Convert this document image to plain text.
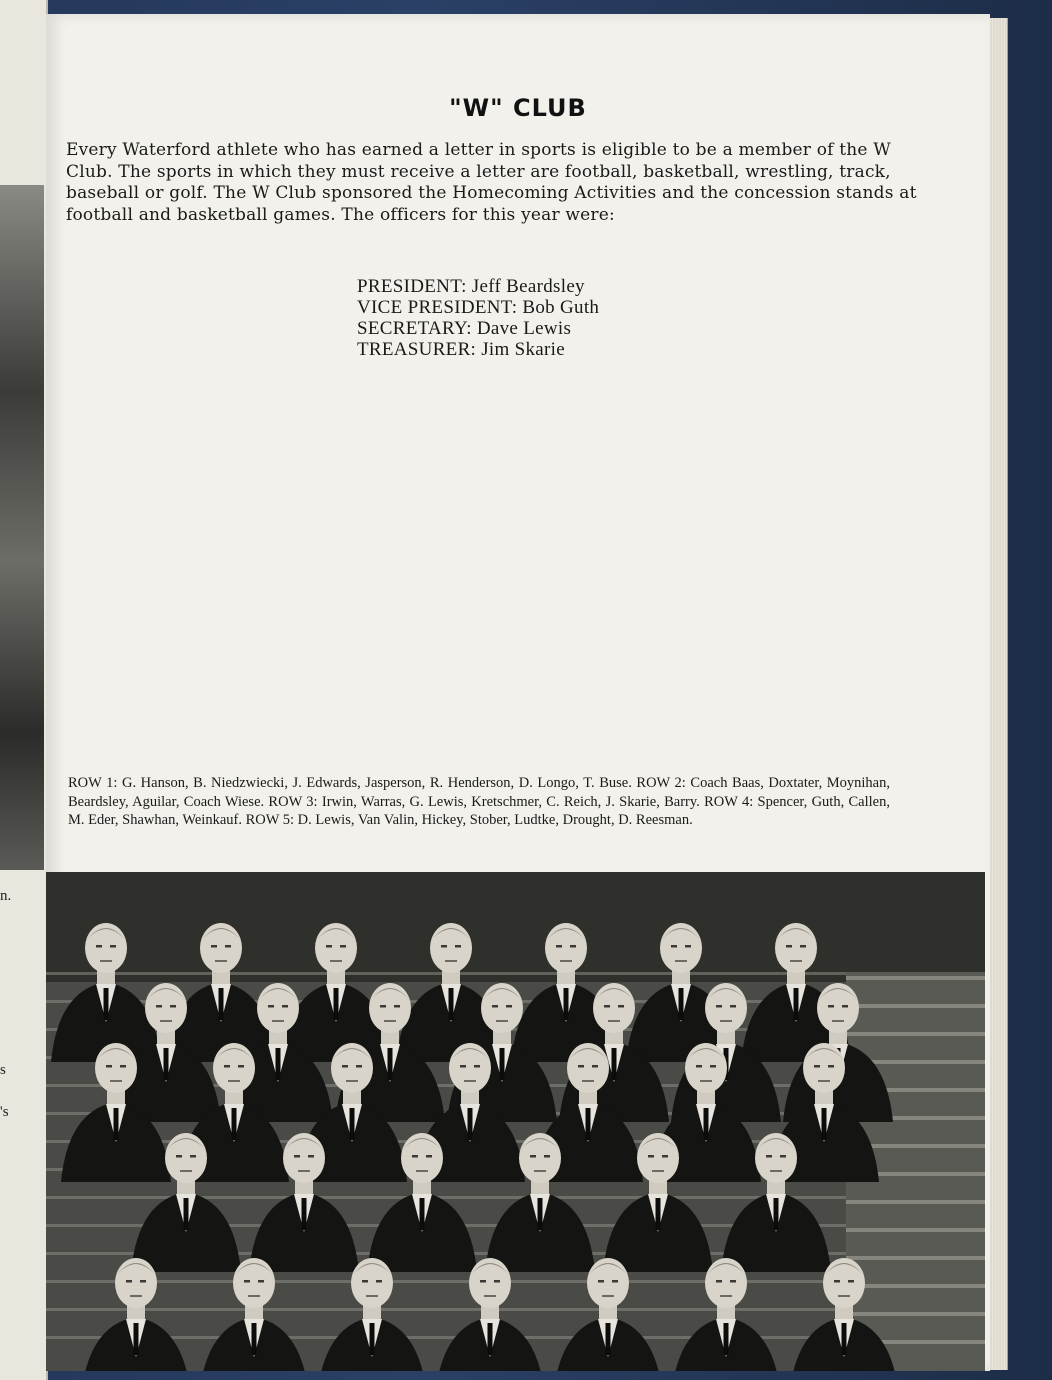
n.
s
's
"W" CLUB
Every Waterford athlete who has earned a letter in sports is eligible to be a member of the W Club. The sports in which they must receive a letter are football, basketball, wrestling, track, baseball or golf. The W Club sponsored the Homecoming Activities and the concession stands at football and basketball games. The officers for this year were:
PRESIDENT: Jeff Beardsley
VICE PRESIDENT: Bob Guth
SECRETARY: Dave Lewis
TREASURER: Jim Skarie
ROW 1: G. Hanson, B. Niedzwiecki, J. Edwards, Jasperson, R. Henderson, D. Longo, T. Buse. ROW 2: Coach Baas, Doxtater, Moynihan, Beardsley, Aguilar, Coach Wiese. ROW 3: Irwin, Warras, G. Lewis, Kretschmer, C. Reich, J. Skarie, Barry. ROW 4: Spencer, Guth, Callen, M. Eder, Shawhan, Weinkauf. ROW 5: D. Lewis, Van Valin, Hickey, Stober, Ludtke, Drought, D. Reesman.
